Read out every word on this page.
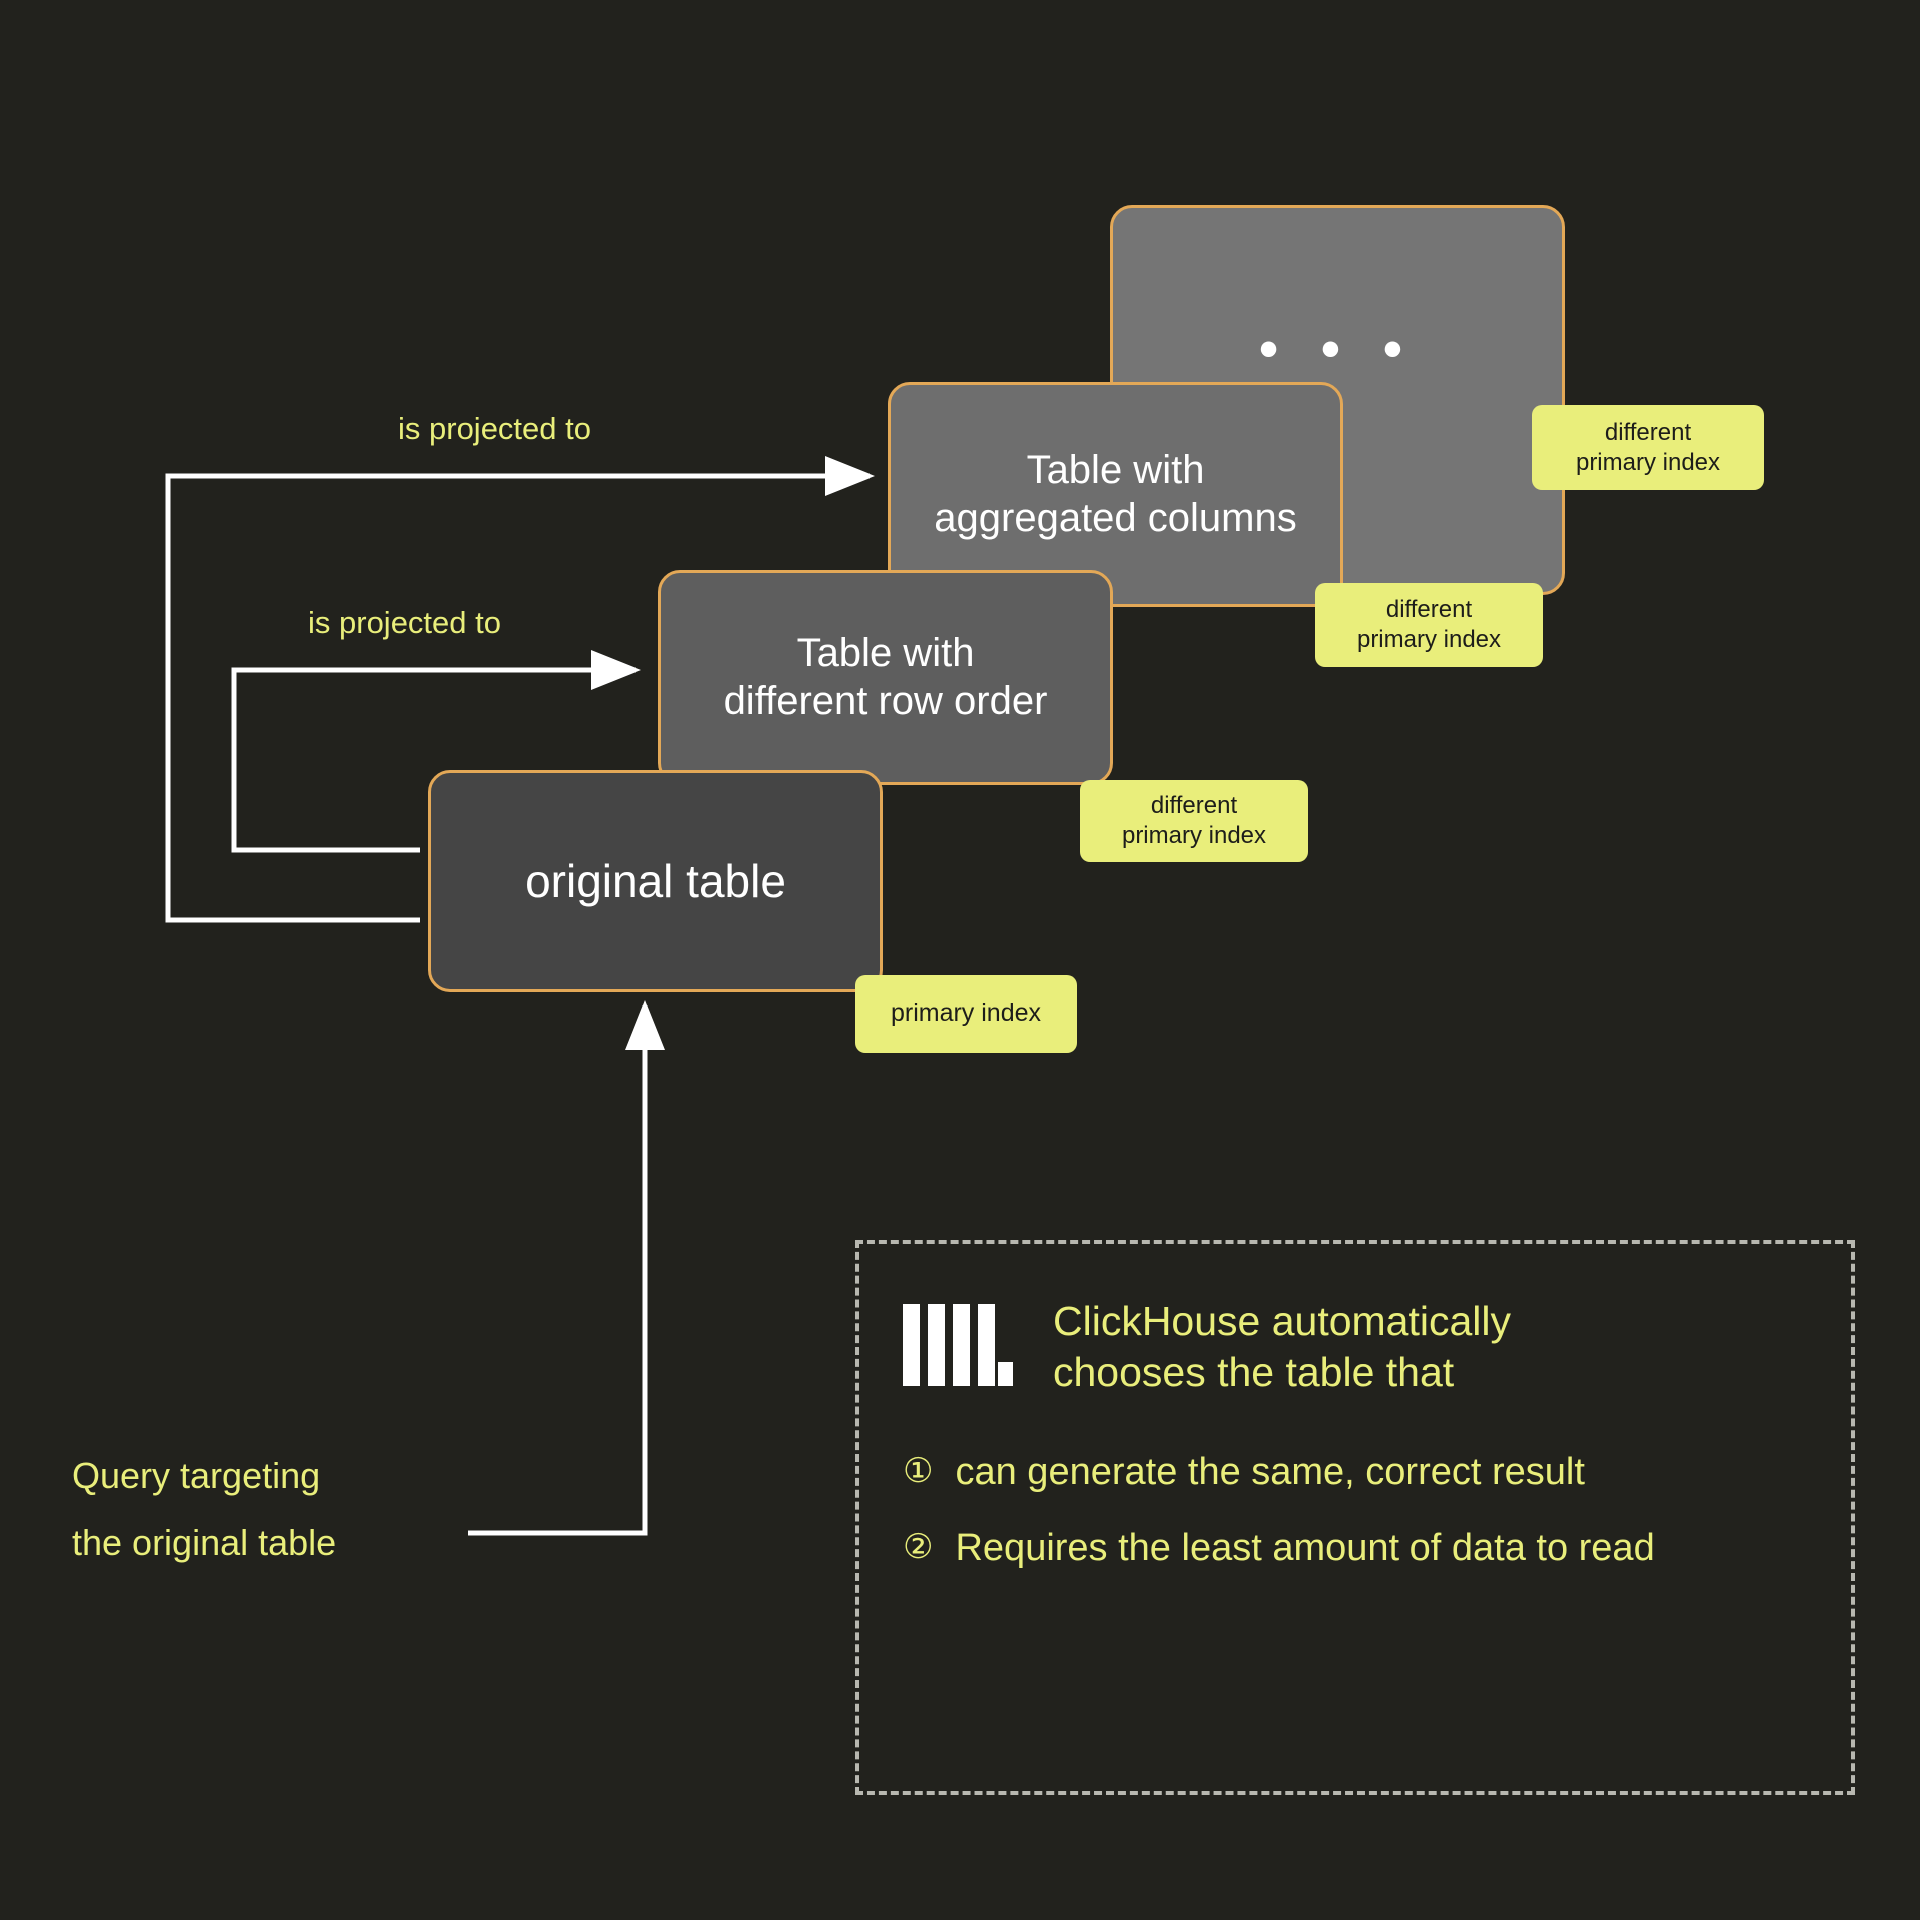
• • •
Table with
aggregated columns
Table with
different row order
original table
different
primary index
different
primary index
different
primary index
primary index
is projected to
is projected to
Query targeting
the original table
ClickHouse automatically
chooses the table that
① can generate the same, correct result
② Requires the least amount of data to read
